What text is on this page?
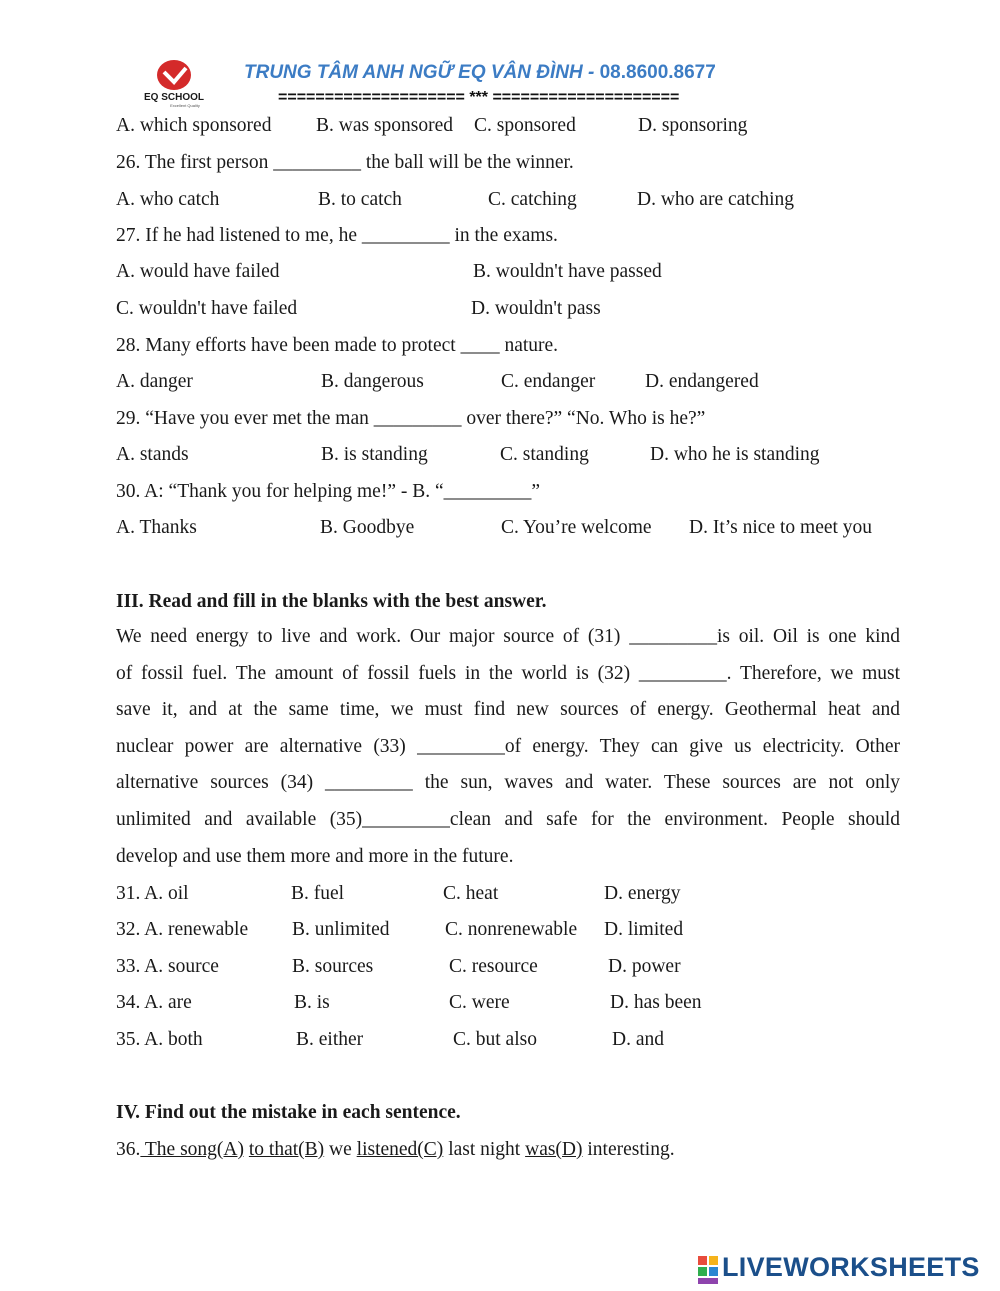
EQ SCHOOL
Excellent Quality
TRUNG TÂM ANH NGỮ EQ VÂN ĐÌNH - 08.8600.8677
==================== *** ====================
A. which sponsored B. was sponsored C. sponsored	D. sponsoring
26. The first person _________ the ball will be the winner.
A. who catch	B. to catch	C. catching	D. who are catching
27. If he had listened to me, he _________ in the exams.
A. would have failed	B. wouldn't have passed
C. wouldn't have failed	D. wouldn't pass
28. Many efforts have been made to protect ____ nature.
A. danger	B. dangerous	C. endanger	D. endangered
29. “Have you ever met the man _________ over there?” “No. Who is he?”
A. stands	B. is standing	C. standing	D. who he is standing
30. A: “Thank you for helping me!” - B. “_________”
A. Thanks	B. Goodbye	C. You’re welcome D. It’s nice to meet you
III. Read and fill in the blanks with the best answer.
We need energy to live and work. Our major source of (31) _________is oil. Oil is one kind
of fossil fuel. The amount of fossil fuels in the world is (32) _________. Therefore, we must
save it, and at the same time, we must find new sources of energy. Geothermal heat and
nuclear power are alternative (33) _________of energy. They can give us electricity. Other
alternative sources (34) _________ the sun, waves and water. These sources are not only
unlimited and available (35)_________clean and safe for the environment. People should
develop and use them more and more in the future.
31. A. oil	B. fuel	C. heat	D. energy
32. A. renewable B. unlimited	C. nonrenewable D. limited
33. A. source	B. sources	C. resource	D. power
34. A. are	B. is	C. were	D. has been
35. A. both	B. either	C. but also	D. and
IV. Find out the mistake in each sentence.
36. The song(A) to that(B) we listened(C) last night was(D) interesting.
LIVEWORKSHEETS
